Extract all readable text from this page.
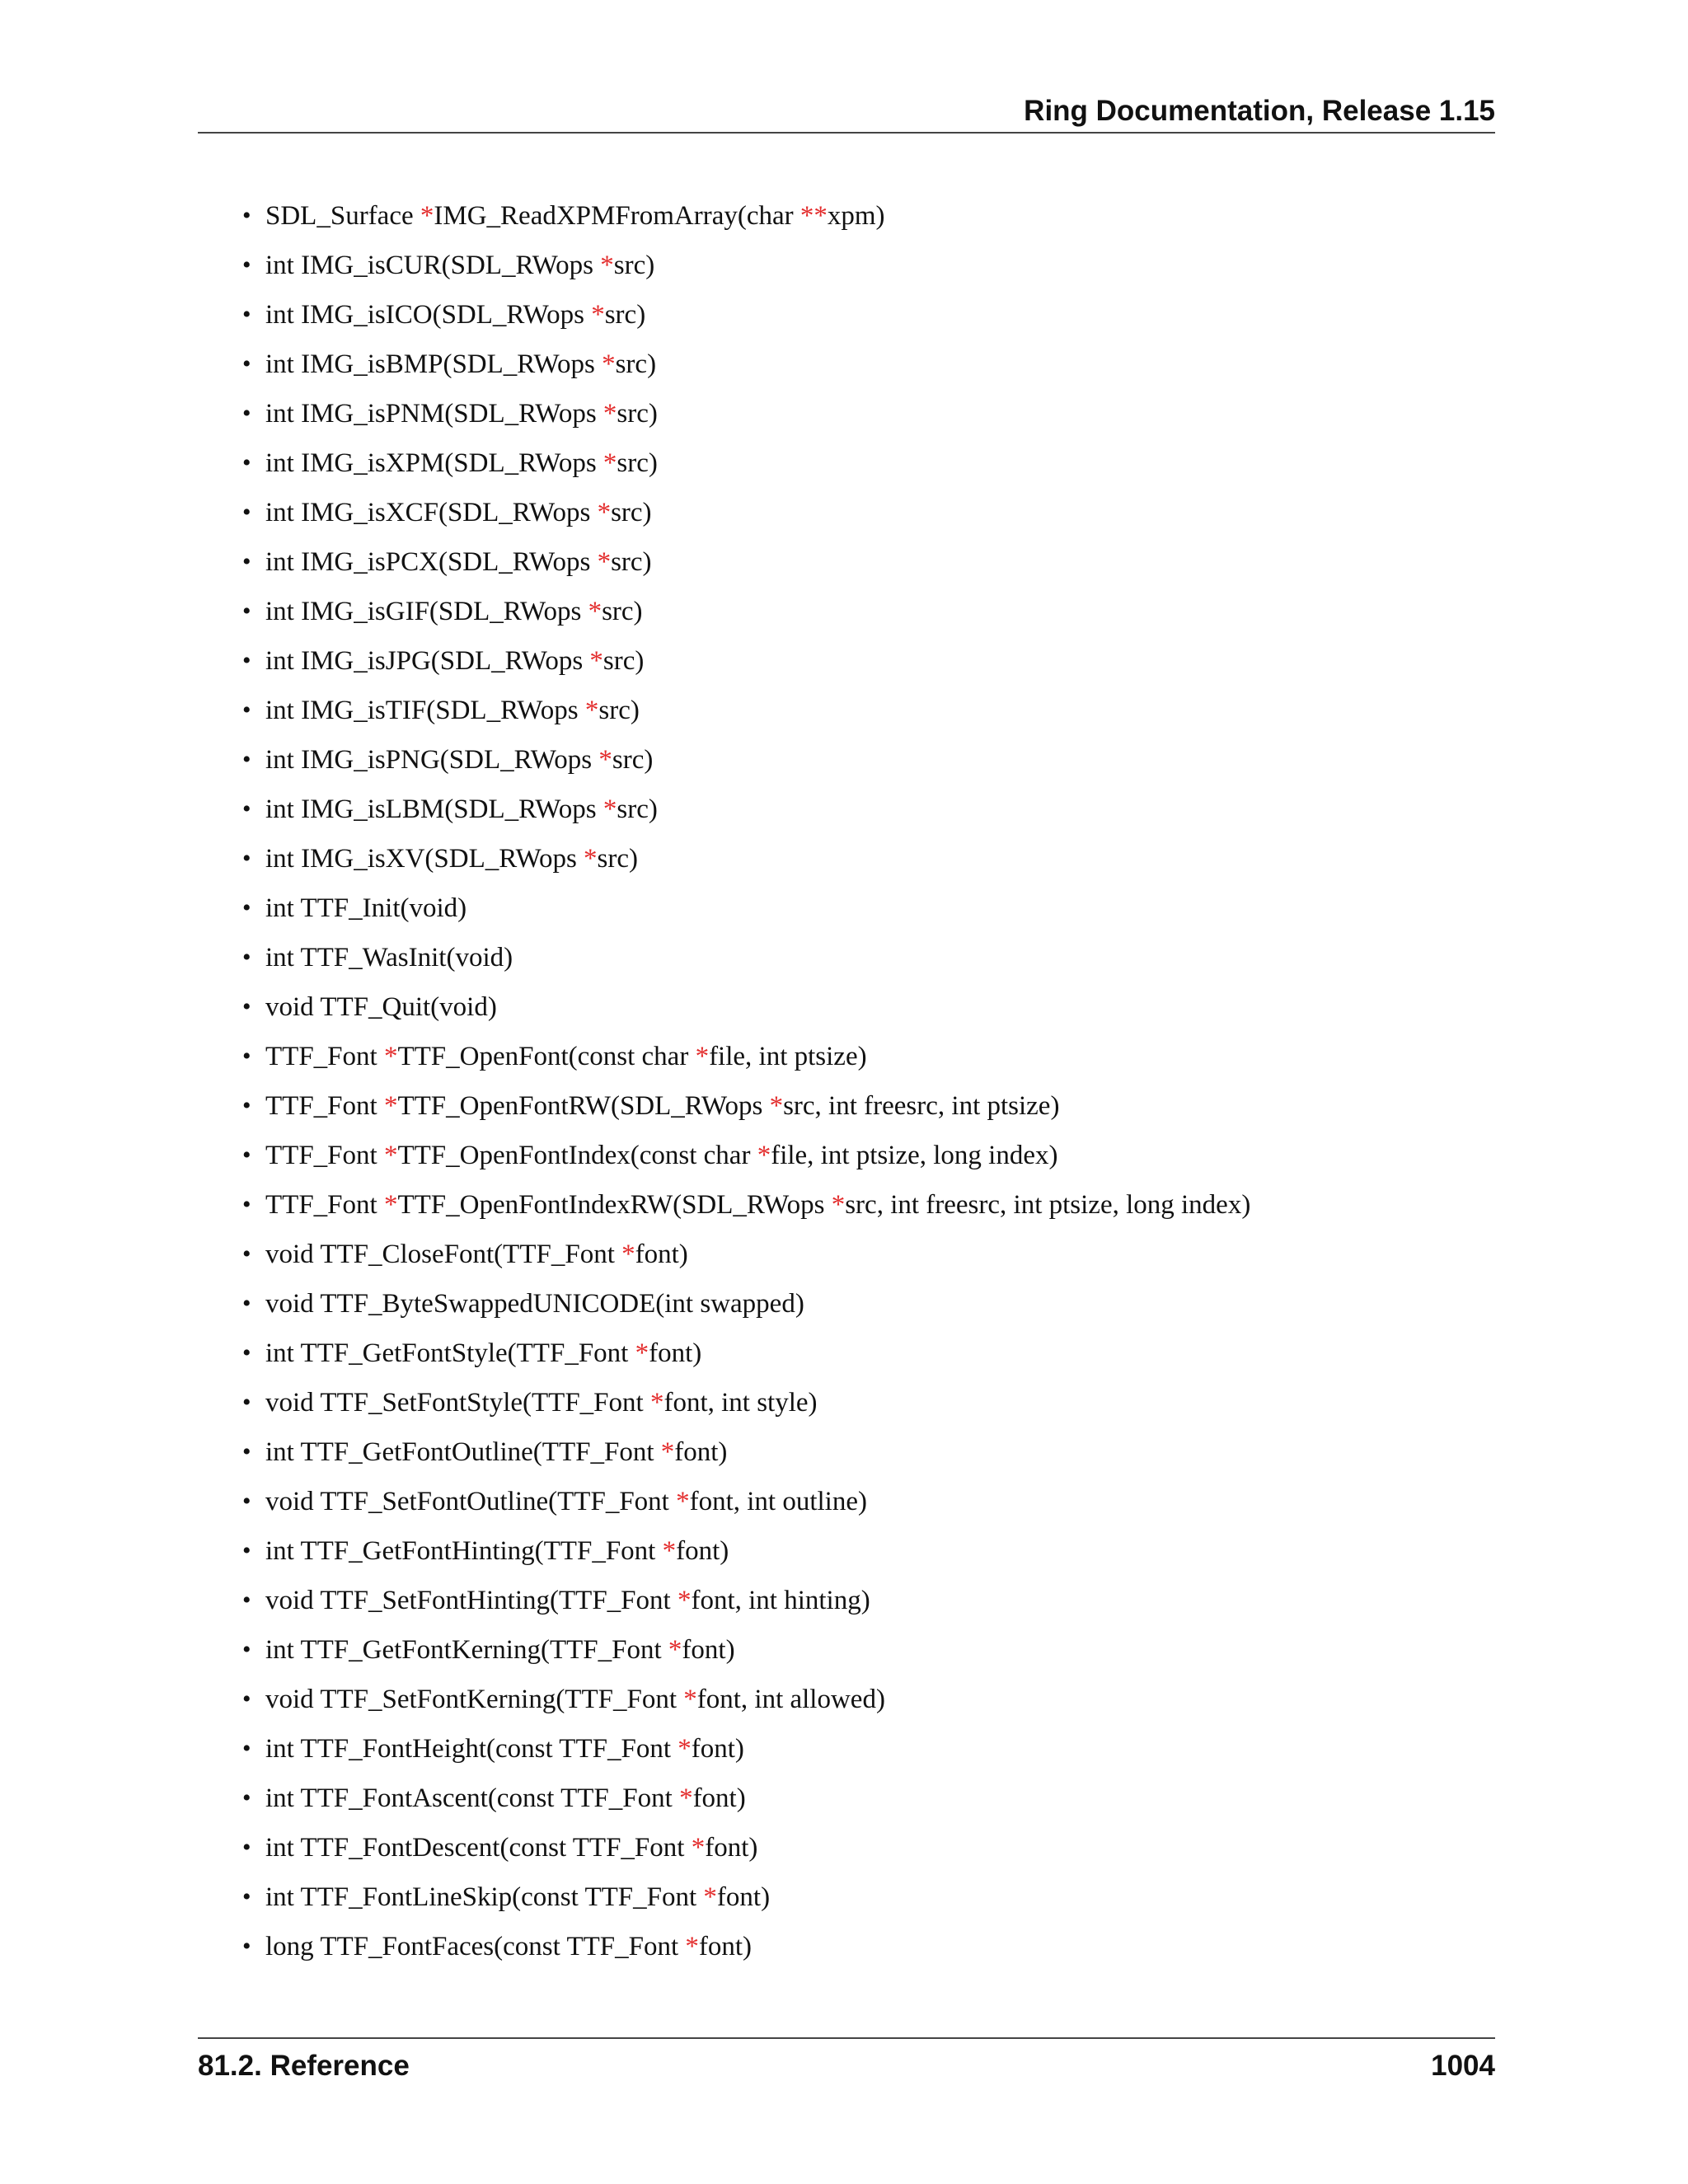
Ring Documentation, Release 1.15
• SDL_Surface *IMG_ReadXPMFromArray(char **xpm)
• int IMG_isCUR(SDL_RWops *src)
• int IMG_isICO(SDL_RWops *src)
• int IMG_isBMP(SDL_RWops *src)
• int IMG_isPNM(SDL_RWops *src)
• int IMG_isXPM(SDL_RWops *src)
• int IMG_isXCF(SDL_RWops *src)
• int IMG_isPCX(SDL_RWops *src)
• int IMG_isGIF(SDL_RWops *src)
• int IMG_isJPG(SDL_RWops *src)
• int IMG_isTIF(SDL_RWops *src)
• int IMG_isPNG(SDL_RWops *src)
• int IMG_isLBM(SDL_RWops *src)
• int IMG_isXV(SDL_RWops *src)
• int TTF_Init(void)
• int TTF_WasInit(void)
• void TTF_Quit(void)
• TTF_Font *TTF_OpenFont(const char *file, int ptsize)
• TTF_Font *TTF_OpenFontRW(SDL_RWops *src, int freesrc, int ptsize)
• TTF_Font *TTF_OpenFontIndex(const char *file, int ptsize, long index)
• TTF_Font *TTF_OpenFontIndexRW(SDL_RWops *src, int freesrc, int ptsize, long index)
• void TTF_CloseFont(TTF_Font *font)
• void TTF_ByteSwappedUNICODE(int swapped)
• int TTF_GetFontStyle(TTF_Font *font)
• void TTF_SetFontStyle(TTF_Font *font, int style)
• int TTF_GetFontOutline(TTF_Font *font)
• void TTF_SetFontOutline(TTF_Font *font, int outline)
• int TTF_GetFontHinting(TTF_Font *font)
• void TTF_SetFontHinting(TTF_Font *font, int hinting)
• int TTF_GetFontKerning(TTF_Font *font)
• void TTF_SetFontKerning(TTF_Font *font, int allowed)
• int TTF_FontHeight(const TTF_Font *font)
• int TTF_FontAscent(const TTF_Font *font)
• int TTF_FontDescent(const TTF_Font *font)
• int TTF_FontLineSkip(const TTF_Font *font)
• long TTF_FontFaces(const TTF_Font *font)
81.2. Reference	1004
